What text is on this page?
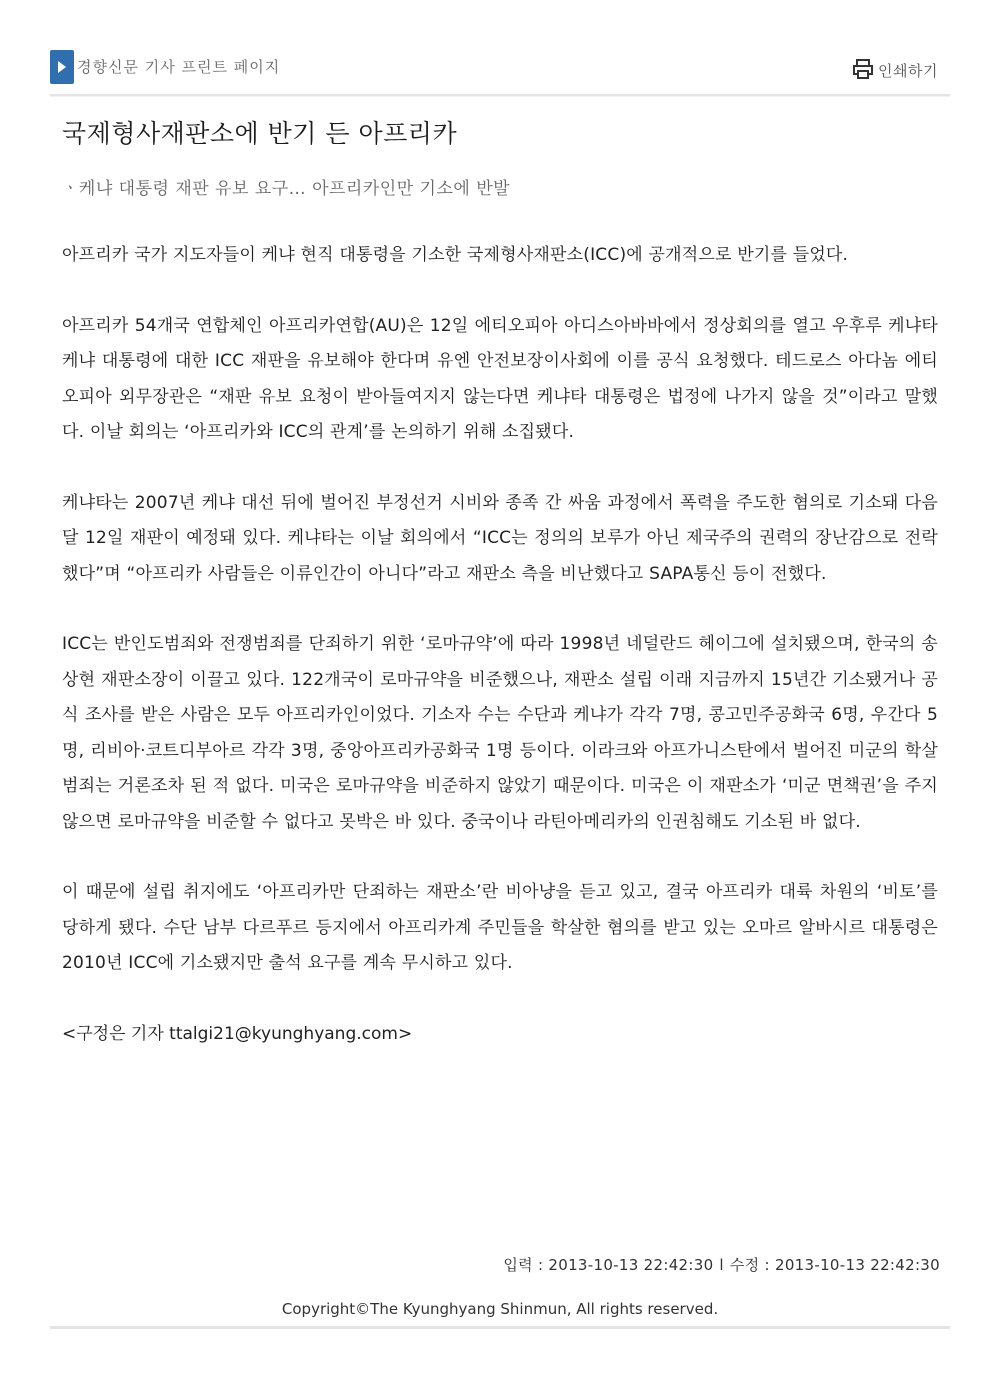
경향신문 기사 프린트 페이지	인쇄하기
국제형사재판소에 반기 든 아프리카
ㆍ케냐 대통령 재판 유보 요구… 아프리카인만 기소에 반발

아프리카 국가 지도자들이 케냐 현직 대통령을 기소한 국제형사재판소(ICC)에 공개적으로 반기를 들었다.

아프리카 54개국 연합체인 아프리카연합(AU)은 12일 에티오피아 아디스아바바에서 정상회의를 열고 우후루 케냐타 케냐 대통령에 대한 ICC 재판을 유보해야 한다며 유엔 안전보장이사회에 이를 공식 요청했다. 테드로스 아다놈 에티오피아 외무장관은 “재판 유보 요청이 받아들여지지 않는다면 케냐타 대통령은 법정에 나가지 않을 것”이라고 말했다. 이날 회의는 ‘아프리카와 ICC의 관계’를 논의하기 위해 소집됐다.

케냐타는 2007년 케냐 대선 뒤에 벌어진 부정선거 시비와 종족 간 싸움 과정에서 폭력을 주도한 혐의로 기소돼 다음달 12일 재판이 예정돼 있다. 케냐타는 이날 회의에서 “ICC는 정의의 보루가 아닌 제국주의 권력의 장난감으로 전락했다”며 “아프리카 사람들은 이류인간이 아니다”라고 재판소 측을 비난했다고 SAPA통신 등이 전했다.

ICC는 반인도범죄와 전쟁범죄를 단죄하기 위한 ‘로마규약’에 따라 1998년 네덜란드 헤이그에 설치됐으며, 한국의 송상현 재판소장이 이끌고 있다. 122개국이 로마규약을 비준했으나, 재판소 설립 이래 지금까지 15년간 기소됐거나 공식 조사를 받은 사람은 모두 아프리카인이었다. 기소자 수는 수단과 케냐가 각각 7명, 콩고민주공화국 6명, 우간다 5명, 리비아·코트디부아르 각각 3명, 중앙아프리카공화국 1명 등이다. 이라크와 아프가니스탄에서 벌어진 미군의 학살 범죄는 거론조차 된 적 없다. 미국은 로마규약을 비준하지 않았기 때문이다. 미국은 이 재판소가 ‘미군 면책권’을 주지 않으면 로마규약을 비준할 수 없다고 못박은 바 있다. 중국이나 라틴아메리카의 인권침해도 기소된 바 없다.

이 때문에 설립 취지에도 ‘아프리카만 단죄하는 재판소’란 비아냥을 듣고 있고, 결국 아프리카 대륙 차원의 ‘비토’를 당하게 됐다. 수단 남부 다르푸르 등지에서 아프리카계 주민들을 학살한 혐의를 받고 있는 오마르 알바시르 대통령은 2010년 ICC에 기소됐지만 출석 요구를 계속 무시하고 있다.

<구정은 기자 ttalgi21@kyunghyang.com>

입력 : 2013-10-13 22:42:30 l 수정 : 2013-10-13 22:42:30
Copyright©The Kyunghyang Shinmun, All rights reserved.
